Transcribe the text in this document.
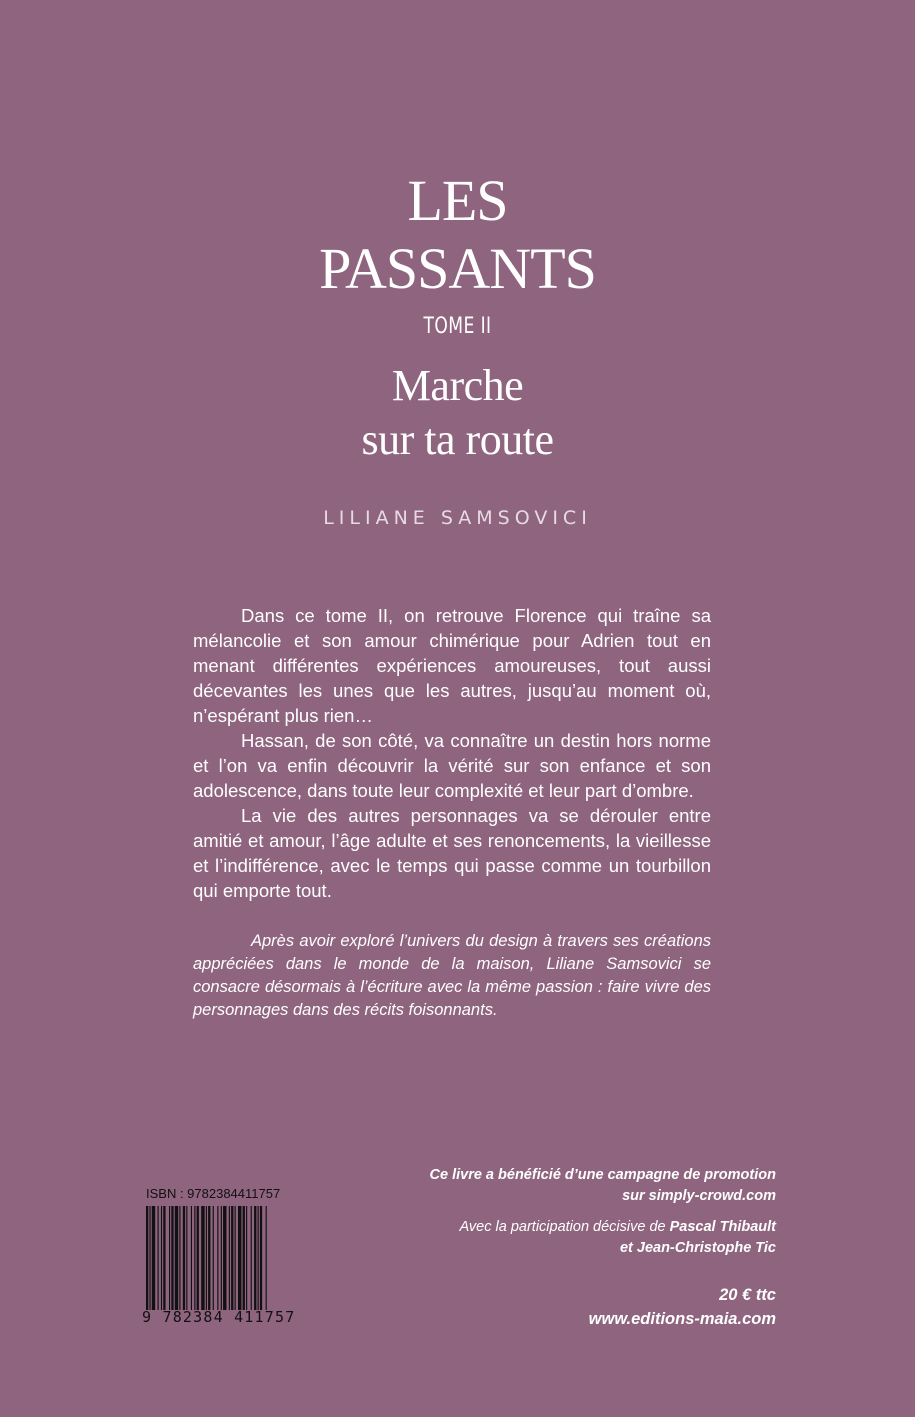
LES
PASSANTS
TOME II
Marche
sur ta route
LILIANE SAMSOVICI

Dans ce tome II, on retrouve Florence qui traîne sa mélancolie et son amour chimérique pour Adrien tout en menant différentes expériences amoureuses, tout aussi décevantes les unes que les autres, jusqu’au moment où, n’espérant plus rien…

Hassan, de son côté, va connaître un destin hors norme et l’on va enfin découvrir la vérité sur son enfance et son adolescence, dans toute leur complexité et leur part d’ombre.

La vie des autres personnages va se dérouler entre amitié et amour, l’âge adulte et ses renoncements, la vieillesse et l’indifférence, avec le temps qui passe comme un tourbillon qui emporte tout.

Après avoir exploré l’univers du design à travers ses créations appréciées dans le monde de la maison, Liliane Samsovici se consacre désormais à l’écriture avec la même passion : faire vivre des personnages dans des récits foisonnants.

ISBN : 9782384411757
9 782384 411757
Ce livre a bénéficié d’une campagne de promotion
sur simply-crowd.com
Avec la participation décisive de Pascal Thibault
et Jean-Christophe Tic
20 € ttc
www.editions-maia.com
